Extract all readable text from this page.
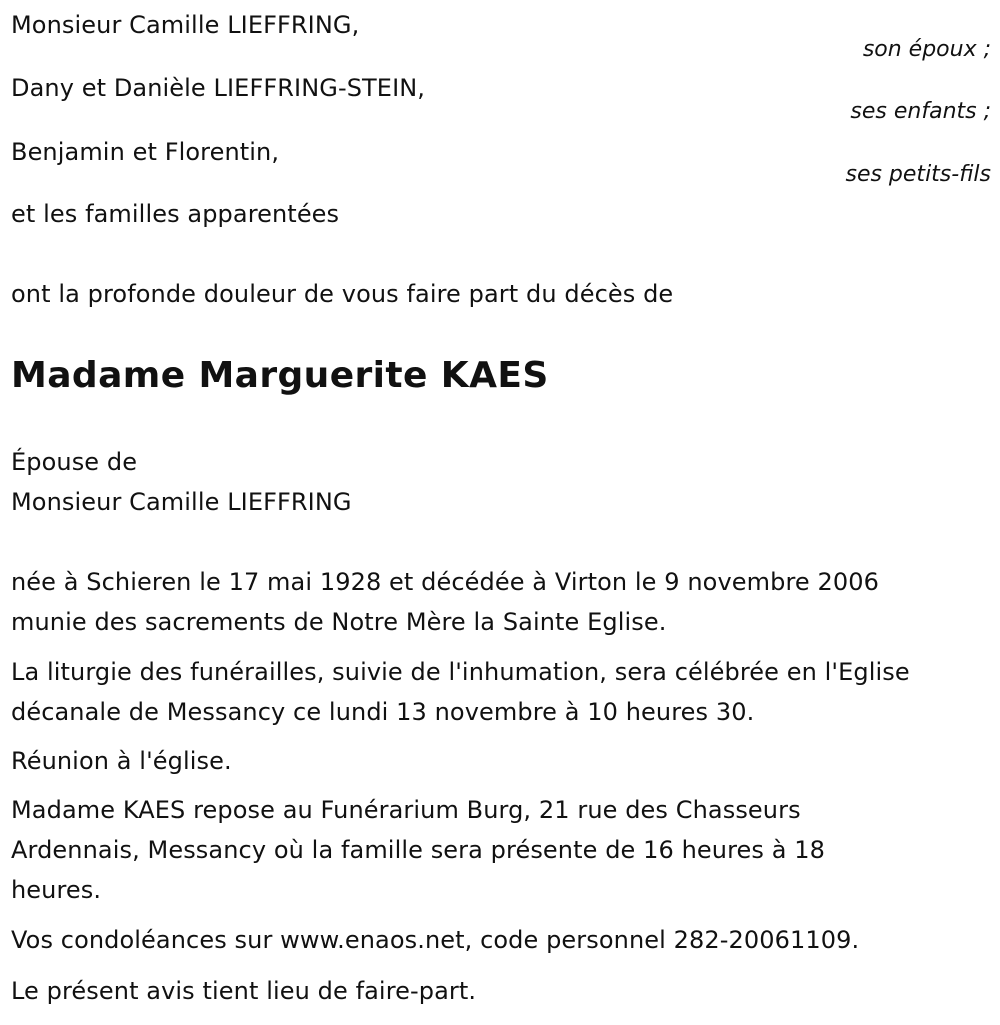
Monsieur Camille LIEFFRING,
son époux ;
Dany et Danièle LIEFFRING-STEIN,
ses enfants ;
Benjamin et Florentin,
ses petits-fils
et les familles apparentées
ont la profonde douleur de vous faire part du décès de
Madame Marguerite KAES
Épouse de
Monsieur Camille LIEFFRING
née à Schieren le 17 mai 1928 et décédée à Virton le 9 novembre 2006
munie des sacrements de Notre Mère la Sainte Eglise.
La liturgie des funérailles, suivie de l'inhumation, sera célébrée en l'Eglise
décanale de Messancy ce lundi 13 novembre à 10 heures 30.
Réunion à l'église.
Madame KAES repose au Funérarium Burg, 21 rue des Chasseurs
Ardennais, Messancy où la famille sera présente de 16 heures à 18
heures.
Vos condoléances sur www.enaos.net, code personnel 282-20061109.
Le présent avis tient lieu de faire-part.
